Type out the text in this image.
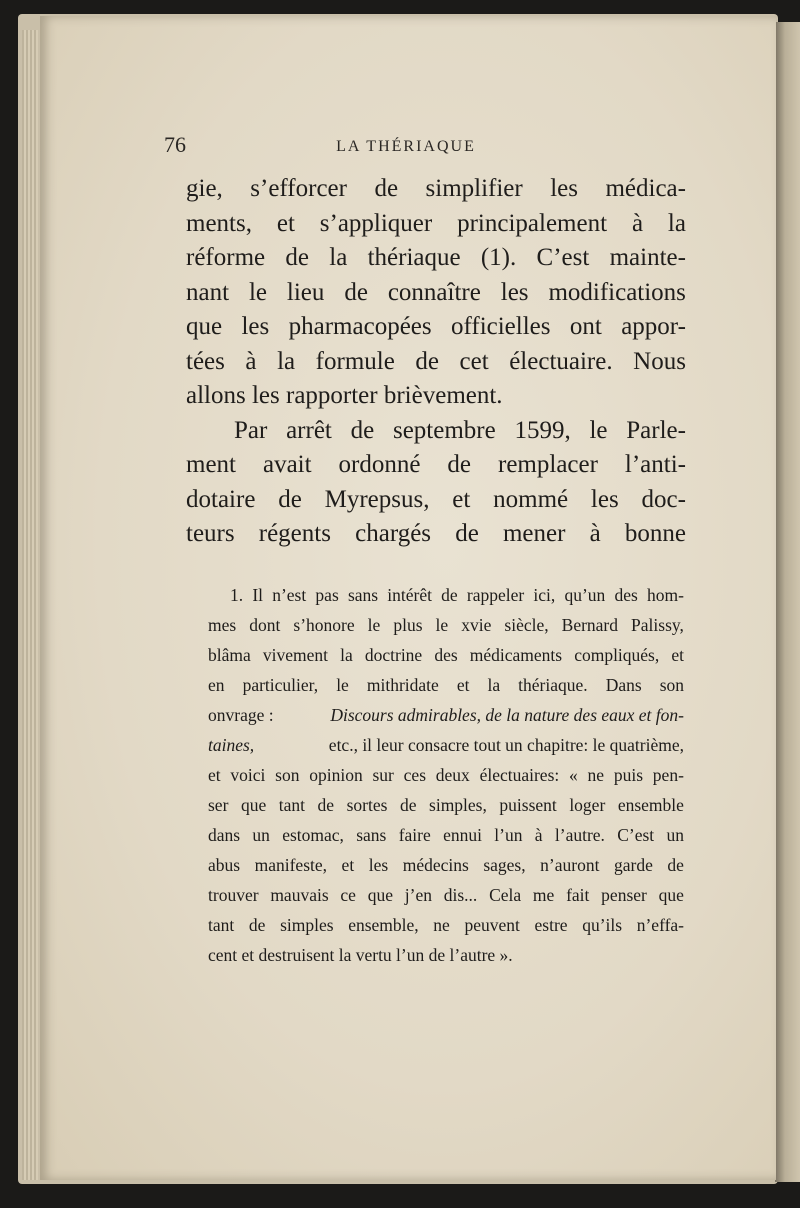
76	LA THÉRIAQUE
gie, s’efforcer de simplifier les médica-
ments, et s’appliquer principalement à la
réforme de la thériaque (1). C’est mainte-
nant le lieu de connaître les modifications
que les pharmacopées officielles ont appor-
tées à la formule de cet électuaire. Nous
allons les rapporter brièvement.
Par arrêt de septembre 1599, le Parle-
ment avait ordonné de remplacer l’anti-
dotaire de Myrepsus, et nommé les doc-
teurs régents chargés de mener à bonne
1. Il n’est pas sans intérêt de rappeler ici, qu’un des hom-
mes dont s’honore le plus le xvie siècle, Bernard Palissy,
blâma vivement la doctrine des médicaments compliqués, et
en particulier, le mithridate et la thériaque. Dans son
onvrage :	Discours admirables, de la nature des eaux et fon-
taines,	etc., il leur consacre tout un chapitre: le quatrième,
et voici son opinion sur ces deux électuaires: « ne puis pen-
ser que tant de sortes de simples, puissent loger ensemble
dans un estomac, sans faire ennui l’un à l’autre. C’est un
abus manifeste, et les médecins sages, n’auront garde de
trouver mauvais ce que j’en dis... Cela me fait penser que
tant de simples ensemble, ne peuvent estre qu’ils n’effa-
cent et destruisent la vertu l’un de l’autre ».
